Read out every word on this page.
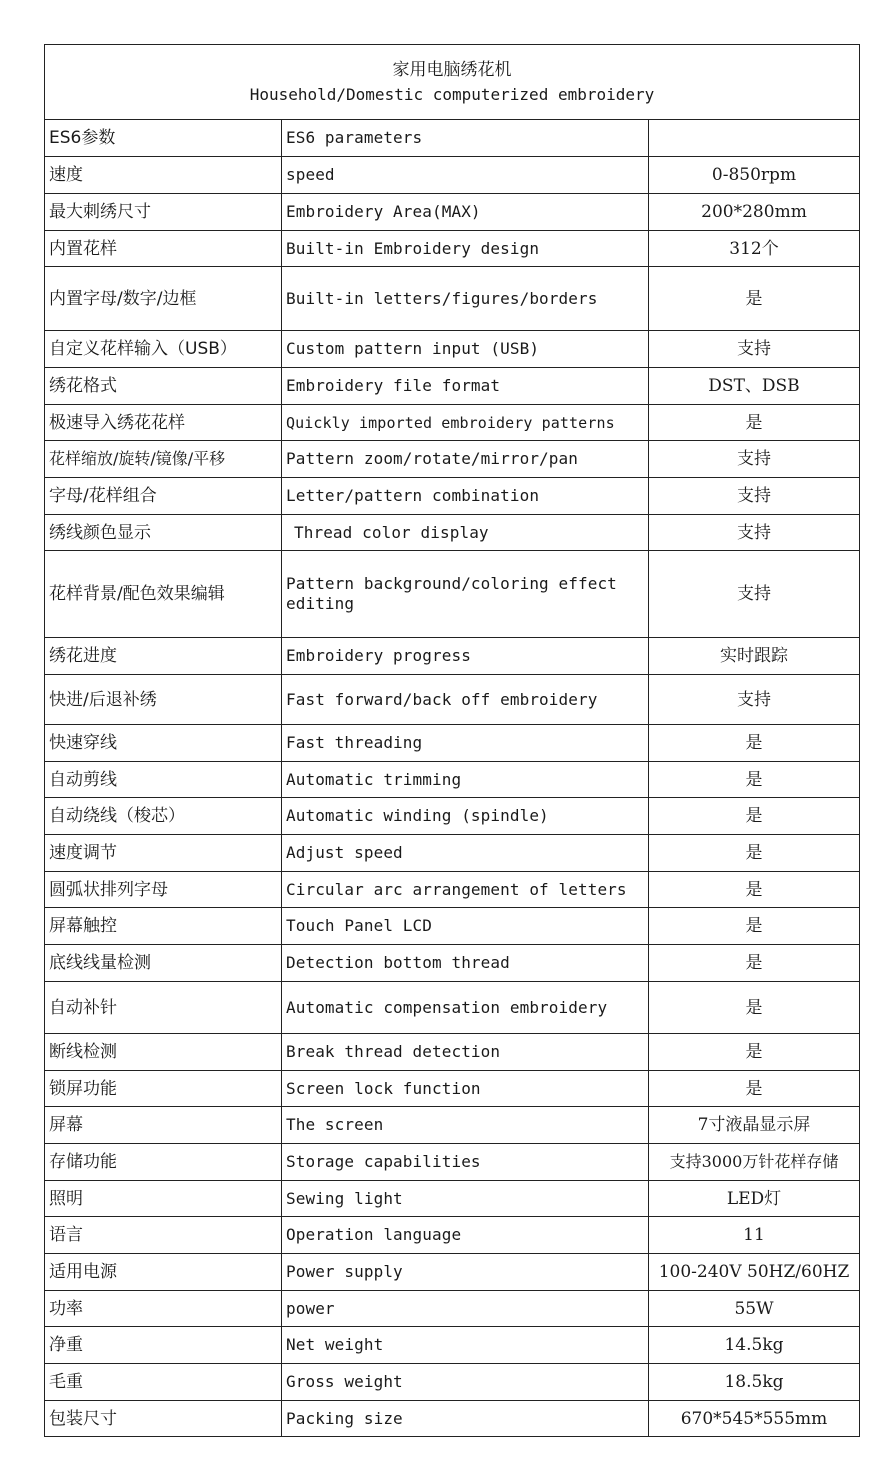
家用电脑绣花机
Household/Domestic computerized embroidery		

ES6参数	ES6 parameters	
速度	speed	0-850rpm
最大刺绣尺寸	Embroidery Area(MAX)	200*280mm
内置花样	Built-in Embroidery design	312个
内置字母/数字/边框	Built-in letters/figures/borders	是
自定义花样输入（USB）	Custom pattern input (USB)	支持
绣花格式	Embroidery file format	DST、DSB
极速导入绣花花样	Quickly imported embroidery patterns	是
花样缩放/旋转/镜像/平移	Pattern zoom/rotate/mirror/pan	支持
字母/花样组合	Letter/pattern combination	支持
绣线颜色显示	Thread color display	支持
花样背景/配色效果编辑	Pattern background/coloring effect editing	支持
绣花进度	Embroidery progress	实时跟踪
快进/后退补绣	Fast forward/back off embroidery	支持
快速穿线	Fast threading	是
自动剪线	Automatic trimming	是
自动绕线（梭芯）	Automatic winding (spindle)	是
速度调节	Adjust speed	是
圆弧状排列字母	Circular arc arrangement of letters	是
屏幕触控	Touch Panel LCD	是
底线线量检测	Detection bottom thread	是
自动补针	Automatic compensation embroidery	是
断线检测	Break thread detection	是
锁屏功能	Screen lock function	是
屏幕	The screen	7寸液晶显示屏
存储功能	Storage capabilities	支持3000万针花样存储
照明	Sewing light	LED灯
语言	Operation language	11
适用电源	Power supply	100-240V 50HZ/60HZ
功率	power	55W
净重	Net weight	14.5kg
毛重	Gross weight	18.5kg
包装尺寸	Packing size	670*545*555mm
